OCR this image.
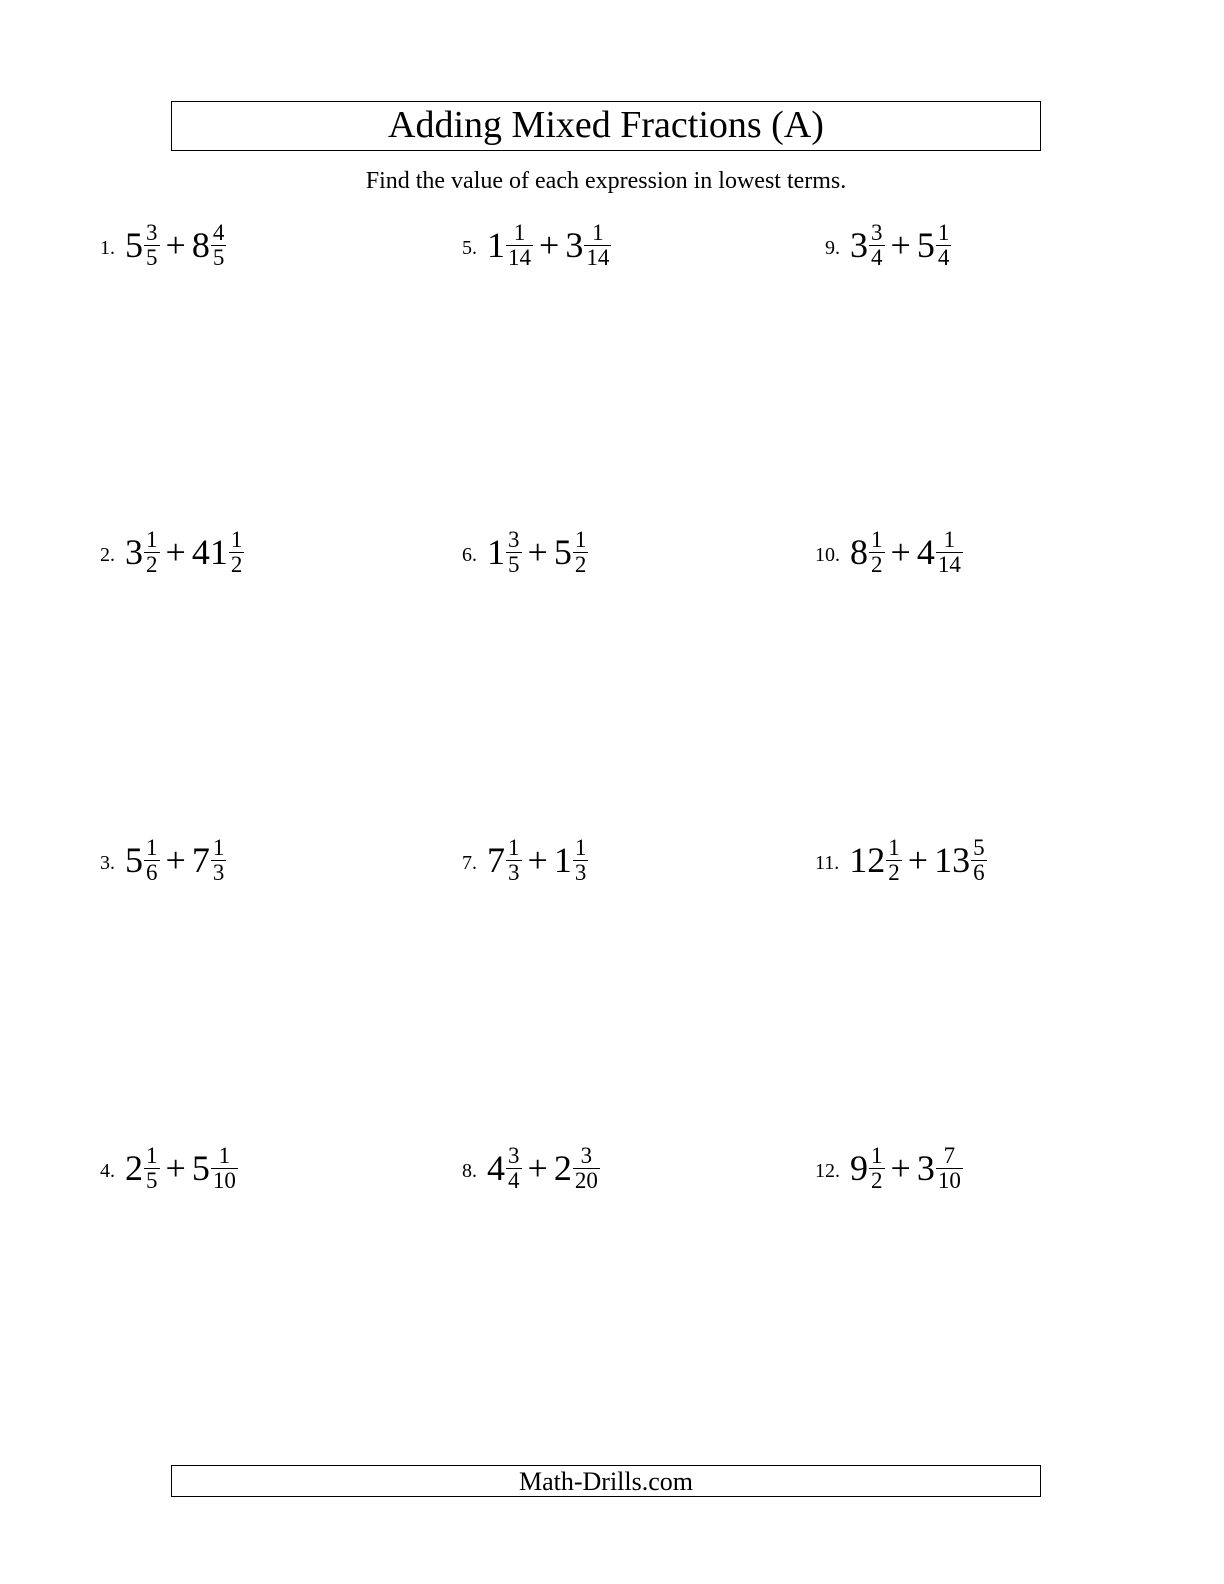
Adding Mixed Fractions (A)
Find the value of each expression in lowest terms.
1. $5 \frac{3}{5} + 8 \frac{4}{5}$
2. $3 \frac{1}{2} + 41 \frac{1}{2}$
3. $5 \frac{1}{6} + 7 \frac{1}{3}$
4. $2 \frac{1}{5} + 5 \frac{1}{10}$
5. $1 \frac{1}{14} + 3 \frac{1}{14}$
6. $1 \frac{3}{5} + 5 \frac{1}{2}$
7. $7 \frac{1}{3} + 1 \frac{1}{3}$
8. $4 \frac{3}{4} + 2 \frac{3}{20}$
9. $3 \frac{3}{4} + 5 \frac{1}{4}$
10. $8 \frac{1}{2} + 4 \frac{1}{14}$
11. $12 \frac{1}{2} + 13 \frac{5}{6}$
12. $9 \frac{1}{2} + 3 \frac{7}{10}$
Math-Drills.com
